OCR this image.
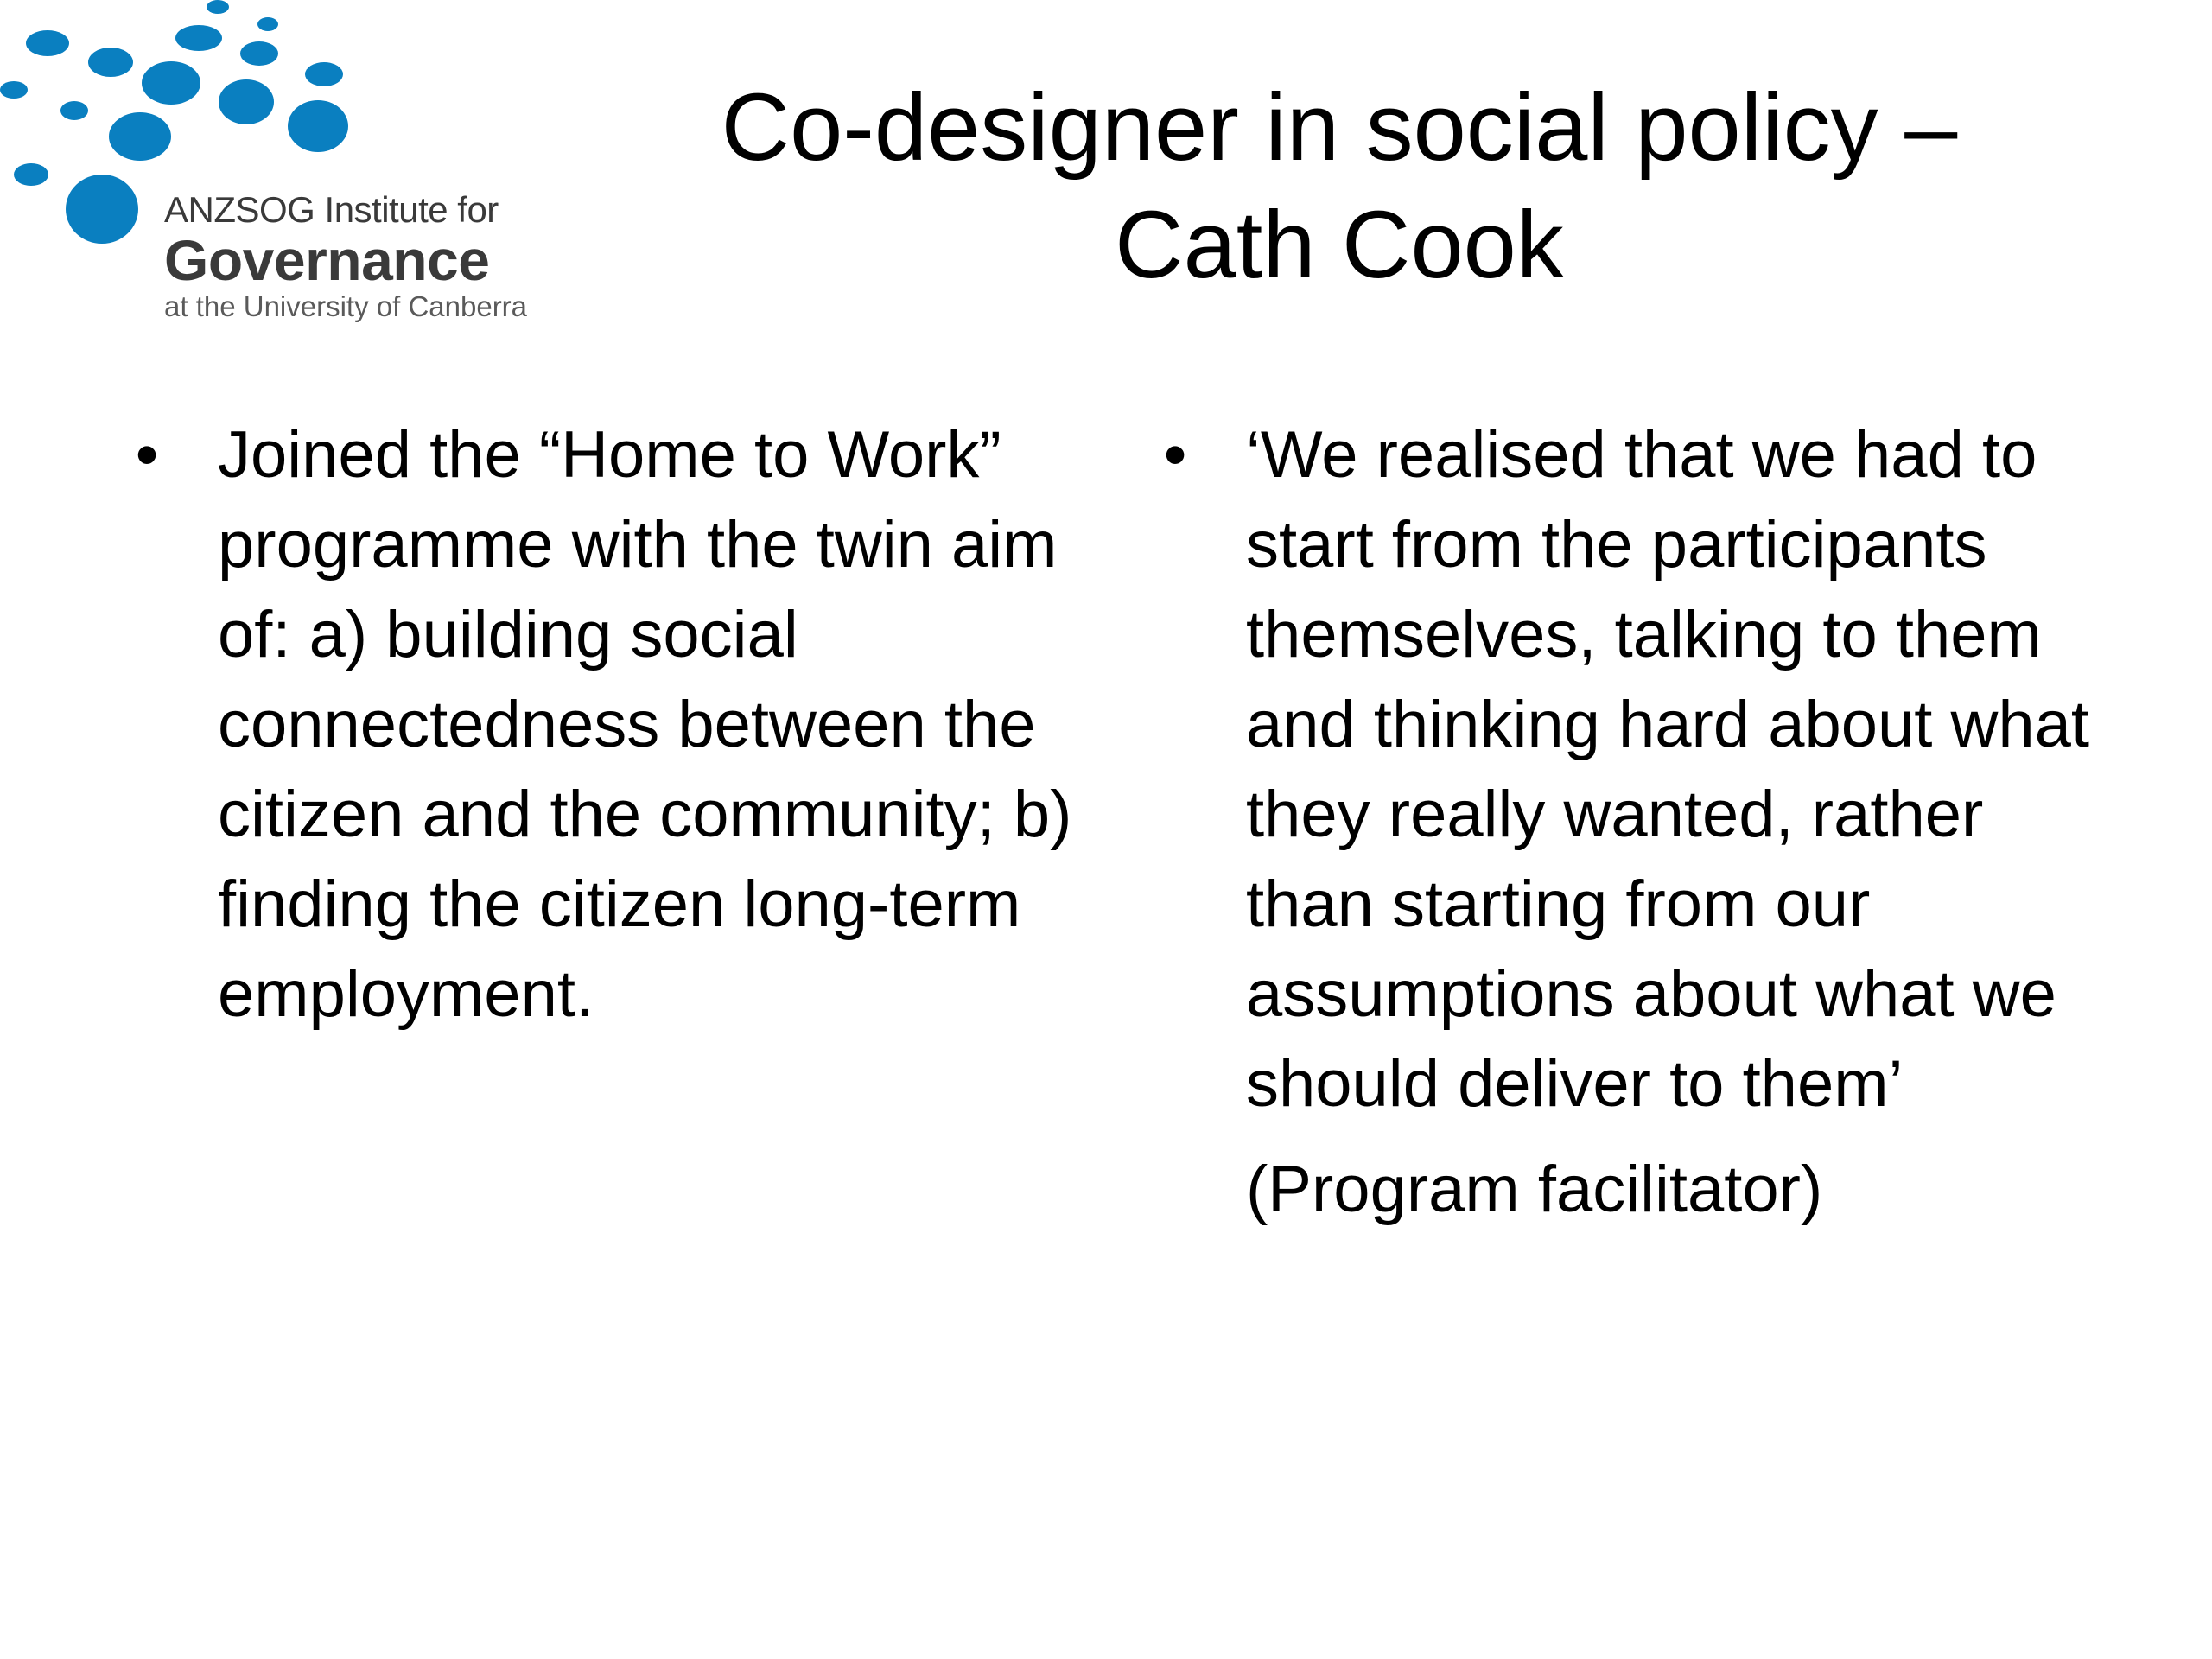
ANZSOG Institute for
Governance
at the University of Canberra
Co-designer in social policy –
Cath Cook
• Joined the “Home to Work” programme with the twin aim of: a) building social connectedness between the citizen and the community; b) finding the citizen long-term employment.
• ‘We realised that we had to start from the participants themselves, talking to them and thinking hard about what they really wanted, rather than starting from our assumptions about what we should deliver to them’
(Program facilitator)
